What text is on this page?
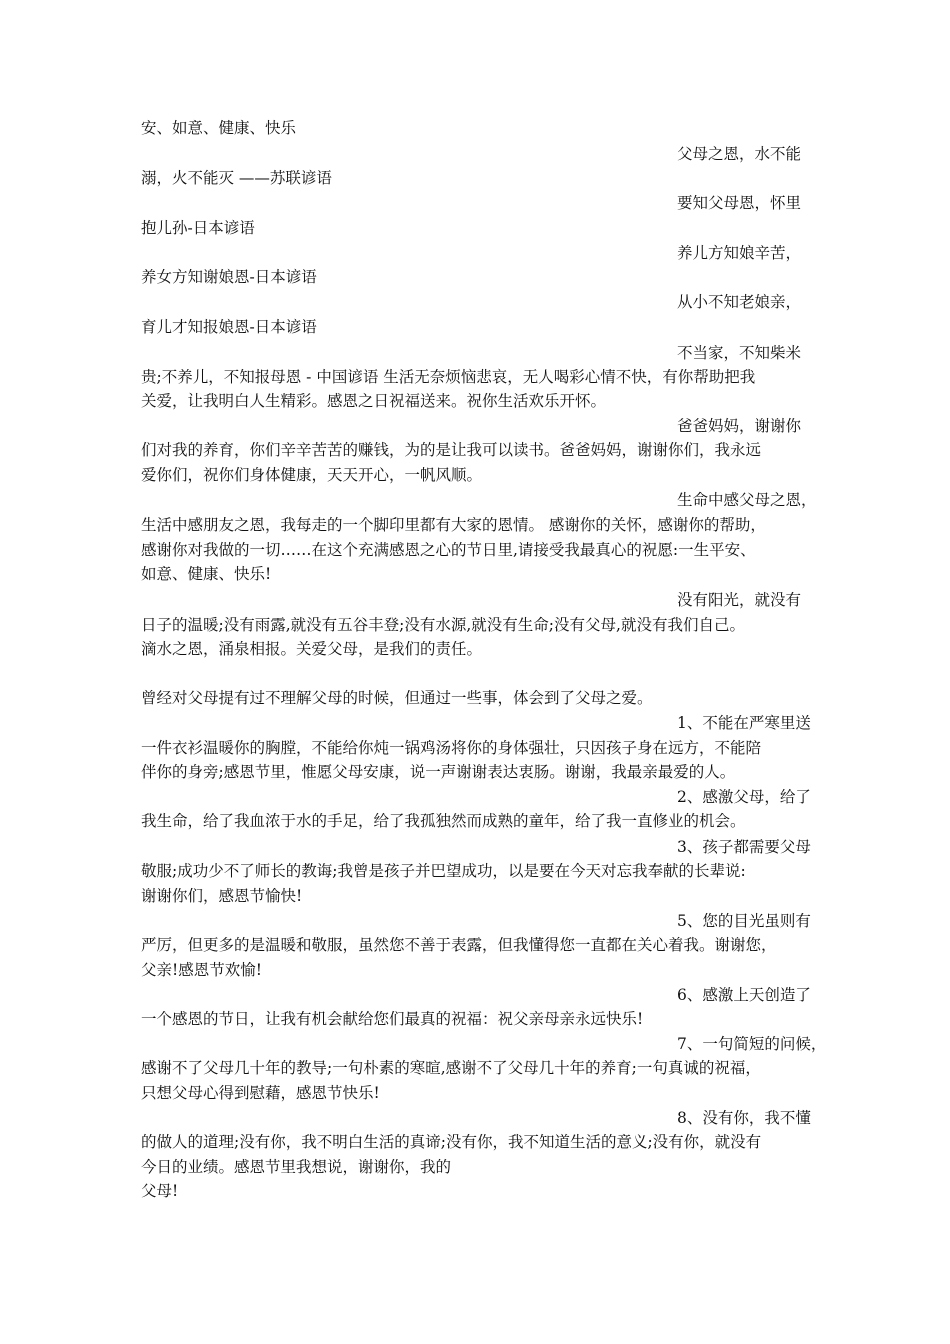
安、如意、健康、快乐
父母之恩，水不能
溺，火不能灭 ——苏联谚语
要知父母恩，怀里
抱儿孙-日本谚语
养儿方知娘辛苦，
养女方知谢娘恩-日本谚语
从小不知老娘亲，
育儿才知报娘恩-日本谚语
不当家，不知柴米
贵;不养儿，不知报母恩 - 中国谚语 生活无奈烦恼悲哀，无人喝彩心情不快，有你帮助把我
关爱，让我明白人生精彩。感恩之日祝福送来。祝你生活欢乐开怀。
爸爸妈妈，谢谢你
们对我的养育，你们辛辛苦苦的赚钱，为的是让我可以读书。爸爸妈妈，谢谢你们，我永远
爱你们，祝你们身体健康，天天开心，一帆风顺。
生命中感父母之恩，
生活中感朋友之恩，我每走的一个脚印里都有大家的恩情。 感谢你的关怀，感谢你的帮助，
感谢你对我做的一切……在这个充满感恩之心的节日里,请接受我最真心的祝愿:一生平安、
如意、健康、快乐!
没有阳光，就没有
日子的温暖;没有雨露,就没有五谷丰登;没有水源,就没有生命;没有父母,就没有我们自己。
滴水之恩，涌泉相报。关爱父母，是我们的责任。
曾经对父母提有过不理解父母的时候，但通过一些事，体会到了父母之爱。
1、不能在严寒里送
一件衣衫温暖你的胸膛，不能给你炖一锅鸡汤将你的身体强壮，只因孩子身在远方，不能陪
伴你的身旁;感恩节里，惟愿父母安康，说一声谢谢表达衷肠。谢谢，我最亲最爱的人。
2、感激父母，给了
我生命，给了我血浓于水的手足，给了我孤独然而成熟的童年，给了我一直修业的机会。
3、孩子都需要父母
敬服;成功少不了师长的教诲;我曾是孩子并巴望成功，以是要在今天对忘我奉献的长辈说:
谢谢你们，感恩节愉快!
5、您的目光虽则有
严厉，但更多的是温暖和敬服，虽然您不善于表露，但我懂得您一直都在关心着我。谢谢您，
父亲!感恩节欢愉!
6、感激上天创造了
一个感恩的节日，让我有机会献给您们最真的祝福：祝父亲母亲永远快乐!
7、一句简短的问候，
感谢不了父母几十年的教导;一句朴素的寒暄,感谢不了父母几十年的养育;一句真诚的祝福，
只想父母心得到慰藉，感恩节快乐!
8、没有你，我不懂
的做人的道理;没有你，我不明白生活的真谛;没有你，我不知道生活的意义;没有你，就没有
今日的业绩。感恩节里我想说，谢谢你，我的
父母!
